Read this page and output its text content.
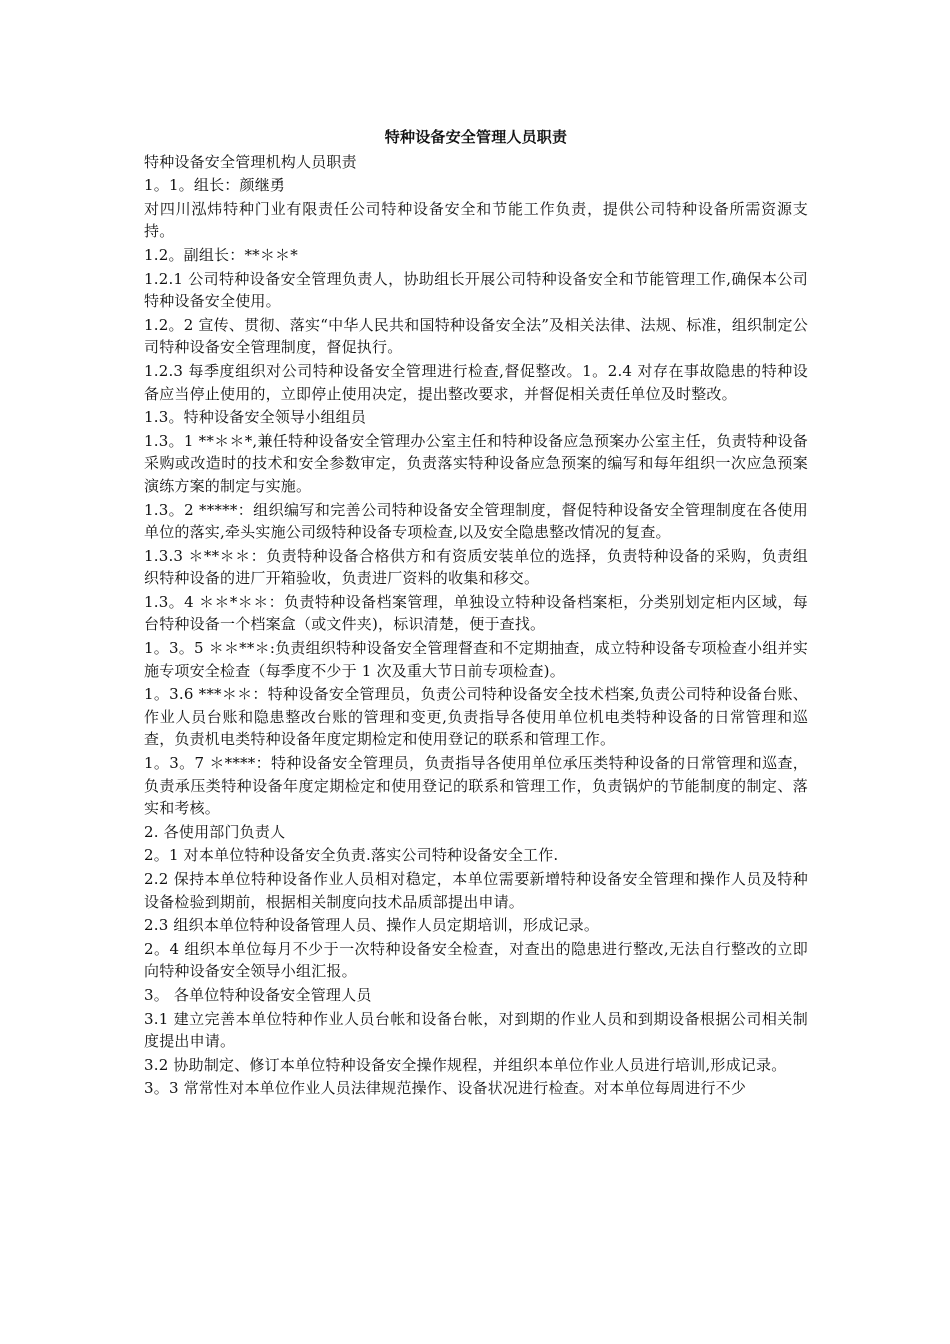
特种设备安全管理人员职责

特种设备安全管理机构人员职责

1。1。组长：颜继勇

对四川泓炜特种门业有限责任公司特种设备安全和节能工作负责，提供公司特种设备所需资源支持。

1.2。副组长：**＊＊*

1.2.1 公司特种设备安全管理负责人，协助组长开展公司特种设备安全和节能管理工作,确保本公司特种设备安全使用。

1.2。2 宣传、贯彻、落实“中华人民共和国特种设备安全法”及相关法律、法规、标准，组织制定公司特种设备安全管理制度，督促执行。

1.2.3 每季度组织对公司特种设备安全管理进行检查,督促整改。1。2.4 对存在事故隐患的特种设备应当停止使用的，立即停止使用决定，提出整改要求，并督促相关责任单位及时整改。

1.3。特种设备安全领导小组组员

1.3。1 **＊＊*,兼任特种设备安全管理办公室主任和特种设备应急预案办公室主任，负责特种设备采购或改造时的技术和安全参数审定，负责落实特种设备应急预案的编写和每年组织一次应急预案演练方案的制定与实施。

1.3。2 *****：组织编写和完善公司特种设备安全管理制度，督促特种设备安全管理制度在各使用单位的落实,牵头实施公司级特种设备专项检查,以及安全隐患整改情况的复查。

1.3.3 ＊**＊＊：负责特种设备合格供方和有资质安装单位的选择，负责特种设备的采购，负责组织特种设备的进厂开箱验收，负责进厂资料的收集和移交。

1.3。4 ＊＊*＊＊：负责特种设备档案管理，单独设立特种设备档案柜，分类别划定柜内区域，每台特种设备一个档案盒（或文件夹)，标识清楚，便于查找。

1。3。5 ＊＊**＊:负责组织特种设备安全管理督查和不定期抽查，成立特种设备专项检查小组并实施专项安全检查（每季度不少于 1 次及重大节日前专项检查)。

1。3.6 ***＊＊：特种设备安全管理员，负责公司特种设备安全技术档案,负责公司特种设备台账、作业人员台账和隐患整改台账的管理和变更,负责指导各使用单位机电类特种设备的日常管理和巡查，负责机电类特种设备年度定期检定和使用登记的联系和管理工作。

1。3。7 ＊****：特种设备安全管理员，负责指导各使用单位承压类特种设备的日常管理和巡查，负责承压类特种设备年度定期检定和使用登记的联系和管理工作，负责锅炉的节能制度的制定、落实和考核。

2. 各使用部门负责人

2。1 对本单位特种设备安全负责.落实公司特种设备安全工作.

2.2 保持本单位特种设备作业人员相对稳定，本单位需要新增特种设备安全管理和操作人员及特种设备检验到期前，根据相关制度向技术品质部提出申请。

2.3 组织本单位特种设备管理人员、操作人员定期培训，形成记录。

2。4 组织本单位每月不少于一次特种设备安全检查，对查出的隐患进行整改,无法自行整改的立即向特种设备安全领导小组汇报。

3。 各单位特种设备安全管理人员

3.1 建立完善本单位特种作业人员台帐和设备台帐，对到期的作业人员和到期设备根据公司相关制度提出申请。

3.2 协助制定、修订本单位特种设备安全操作规程，并组织本单位作业人员进行培训,形成记录。

3。3 常常性对本单位作业人员法律规范操作、设备状况进行检查。对本单位每周进行不少
